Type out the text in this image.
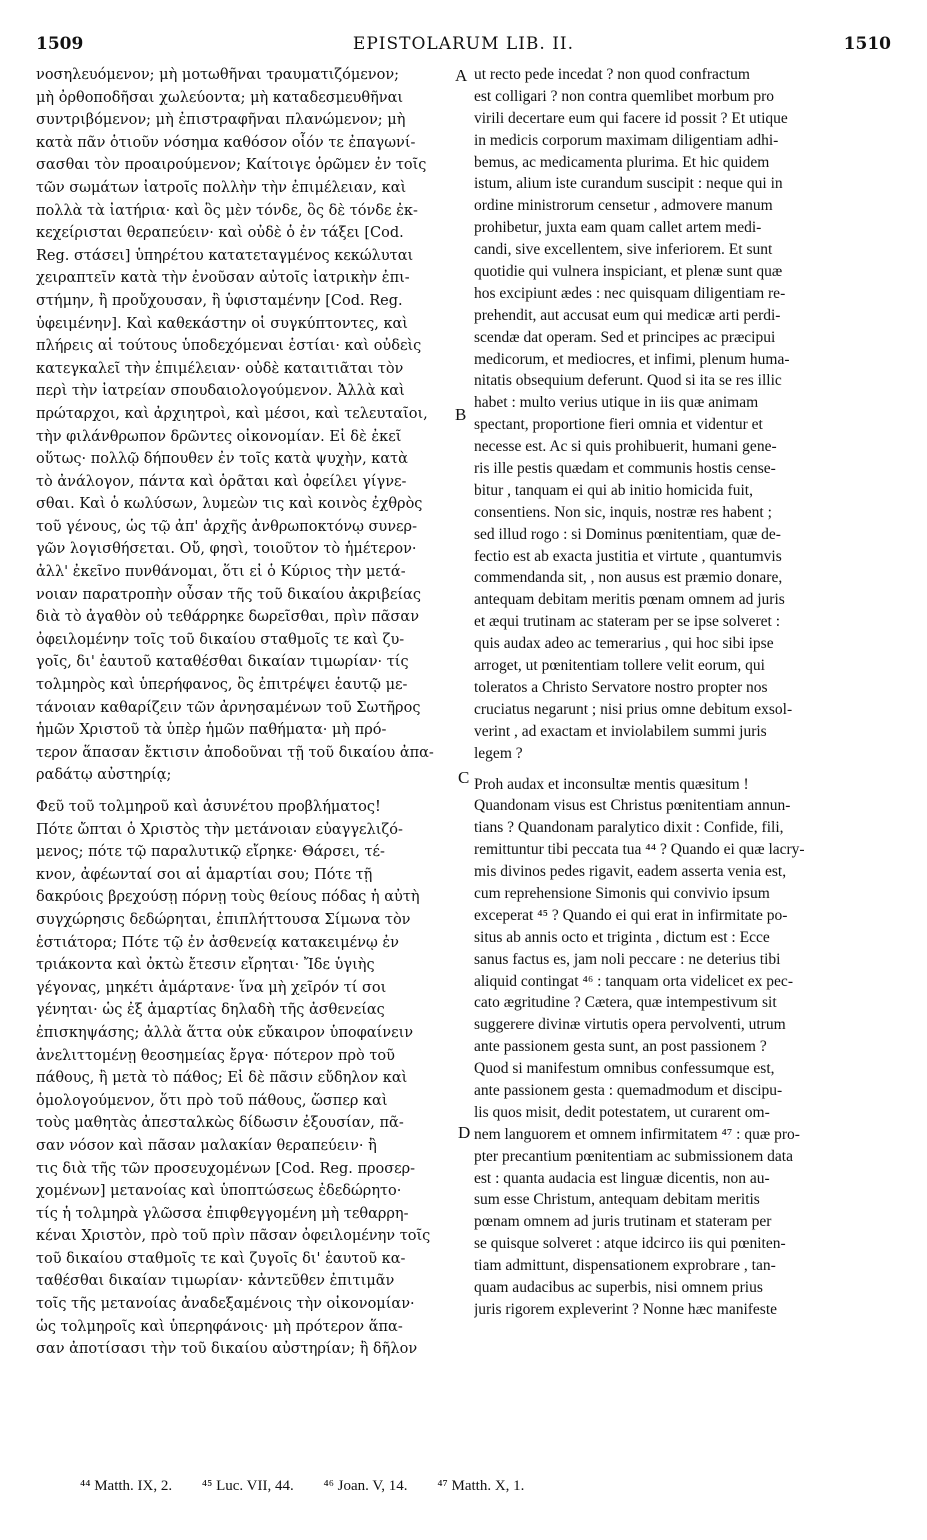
1509	EPISTOLARUM LIB. II.	1510
νοσηλευόμενον; μὴ μοτωθῆναι τραυματιζόμενον;
μὴ ὀρθοποδῆσαι χωλεύοντα; μὴ καταδεσμευθῆναι
συντριβόμενον; μὴ ἐπιστραφῆναι πλανώμενον; μὴ
κατὰ πᾶν ὁτιοῦν νόσημα καθόσον οἷόν τε ἐπαγωνί-
σασθαι τὸν προαιρούμενον; Καίτοιγε ὁρῶμεν ἐν τοῖς
τῶν σωμάτων ἰατροῖς πολλὴν τὴν ἐπιμέλειαν, καὶ
πολλὰ τὰ ἰατήρια· καὶ ὃς μὲν τόνδε, ὃς δὲ τόνδε ἐκ-
κεχείρισται θεραπεύειν· καὶ οὐδὲ ὁ ἐν τάξει [Cod.
Reg. στάσει] ὑπηρέτου κατατεταγμένος κεκώλυται
χειραπτεῖν κατὰ τὴν ἐνοῦσαν αὐτοῖς ἰατρικὴν ἐπι-
στήμην, ἢ προὔχουσαν, ἢ ὑφισταμένην [Cod. Reg.
ὑφειμένην]. Καὶ καθεκάστην οἱ συγκύπτοντες, καὶ
πλήρεις αἱ τούτους ὑποδεχόμεναι ἑστίαι· καὶ οὐδεὶς
κατεγκαλεῖ τὴν ἐπιμέλειαν· οὐδὲ καταιτιᾶται τὸν
περὶ τὴν ἰατρείαν σπουδαιολογούμενον. Ἀλλὰ καὶ
πρώταρχοι, καὶ ἀρχιητροὶ, καὶ μέσοι, καὶ τελευταῖοι,
τὴν φιλάνθρωπον δρῶντες οἰκονομίαν. Εἰ δὲ ἐκεῖ
οὕτως· πολλῷ δήπουθεν ἐν τοῖς κατὰ ψυχὴν, κατὰ
τὸ ἀνάλογον, πάντα καὶ ὁρᾶται καὶ ὀφείλει γίγνε-
σθαι. Καὶ ὁ κωλύσων, λυμεὼν τις καὶ κοινὸς ἐχθρὸς
τοῦ γένους, ὡς τῷ ἀπ' ἀρχῆς ἀνθρωποκτόνῳ συνερ-
γῶν λογισθήσεται. Οὔ, φησὶ, τοιοῦτον τὸ ἡμέτερον·
ἀλλ' ἐκεῖνο πυνθάνομαι, ὅτι εἰ ὁ Κύριος τὴν μετά-
νοιαν παρατροπὴν οὖσαν τῆς τοῦ δικαίου ἀκριβείας
διὰ τὸ ἀγαθὸν οὐ τεθάρρηκε δωρεῖσθαι, πρὶν πᾶσαν
ὀφειλομένην τοῖς τοῦ δικαίου σταθμοῖς τε καὶ ζυ-
γοῖς, δι' ἑαυτοῦ καταθέσθαι δικαίαν τιμωρίαν· τίς
τολμηρὸς καὶ ὑπερήφανος, ὃς ἐπιτρέψει ἑαυτῷ με-
τάνοιαν καθαρίζειν τῶν ἀρνησαμένων τοῦ Σωτῆρος
ἡμῶν Χριστοῦ τὰ ὑπὲρ ἡμῶν παθήματα· μὴ πρό-
τερον ἅπασαν ἔκτισιν ἀποδοῦναι τῇ τοῦ δικαίου ἀπα-
ραδάτῳ αὐστηρίᾳ;
Φεῦ τοῦ τολμηροῦ καὶ ἀσυνέτου προβλήματος!
Πότε ὤπται ὁ Χριστὸς τὴν μετάνοιαν εὐαγγελιζό-
μενος; πότε τῷ παραλυτικῷ εἴρηκε· Θάρσει, τέ-
κνον, ἀφέωνταί σοι αἱ ἁμαρτίαι σου; Πότε τῇ
δακρύοις βρεχούσῃ πόρνῃ τοὺς θείους πόδας ἡ αὐτὴ
συγχώρησις δεδώρηται, ἐπιπλήττουσα Σίμωνα τὸν
ἑστιάτορα; Πότε τῷ ἐν ἀσθενείᾳ κατακειμένῳ ἐν
τριάκοντα καὶ ὀκτὼ ἔτεσιν εἴρηται· Ἴδε ὑγιὴς
γέγονας, μηκέτι ἁμάρτανε· ἵνα μὴ χεῖρόν τί σοι
γένηται· ὡς ἐξ ἁμαρτίας δηλαδὴ τῆς ἀσθενείας
ἐπισκηψάσης; ἀλλὰ ἅττα οὐκ εὔκαιρον ὑποφαίνειν
ἀνελιττομένῃ θεοσημείας ἔργα· πότερον πρὸ τοῦ
πάθους, ἢ μετὰ τὸ πάθος; Εἰ δὲ πᾶσιν εὔδηλον καὶ
ὁμολογούμενον, ὅτι πρὸ τοῦ πάθους, ὥσπερ καὶ
τοὺς μαθητὰς ἀπεσταλκὼς δίδωσιν ἐξουσίαν, πᾶ-
σαν νόσον καὶ πᾶσαν μαλακίαν θεραπεύειν· ἢ
τις διὰ τῆς τῶν προσευχομένων [Cod. Reg. προσερ-
χομένων] μετανοίας καὶ ὑποπτώσεως ἐδεδώρητο·
τίς ἡ τολμηρὰ γλῶσσα ἐπιφθεγγομένη μὴ τεθαρρη-
κέναι Χριστὸν, πρὸ τοῦ πρὶν πᾶσαν ὀφειλομένην τοῖς
τοῦ δικαίου σταθμοῖς τε καὶ ζυγοῖς δι' ἑαυτοῦ κα-
ταθέσθαι δικαίαν τιμωρίαν· κἀντεῦθεν ἐπιτιμᾶν
τοῖς τῆς μετανοίας ἀναδεξαμένοις τὴν οἰκονομίαν·
ὡς τολμηροῖς καὶ ὑπερηφάνοις· μὴ πρότερον ἅπα-
σαν ἀποτίσασι τὴν τοῦ δικαίου αὐστηρίαν; ἢ δῆλον
ut recto pede incedat ? non quod confractum
est colligari ? non contra quemlibet morbum pro
virili decertare eum qui facere id possit ? Et utique
in medicis corporum maximam diligentiam adhi-
bemus, ac medicamenta plurima. Et hic quidem
istum, alium iste curandum suscipit : neque qui in
ordine ministrorum censetur , admovere manum
prohibetur, juxta eam quam callet artem medi-
candi, sive excellentem, sive inferiorem. Et sunt
quotidie qui vulnera inspiciant, et plenæ sunt quæ
hos excipiunt ædes : nec quisquam diligentiam re-
prehendit, aut accusat eum qui medicæ arti perdi-
scendæ dat operam. Sed et principes ac præcipui
medicorum, et mediocres, et infimi, plenum huma-
nitatis obsequium deferunt. Quod si ita se res illic
habet : multo verius utique in iis quæ animam
spectant, proportione fieri omnia et videntur et
necesse est. Ac si quis prohibuerit, humani gene-
ris ille pestis quædam et communis hostis cense-
bitur , tanquam ei qui ab initio homicida fuit,
consentiens. Non sic, inquis, nostræ res habent ;
sed illud rogo : si Dominus pœnitentiam, quæ de-
fectio est ab exacta justitia et virtute , quantumvis
commendanda sit, , non ausus est præmio donare,
antequam debitam meritis pœnam omnem ad juris
et æqui trutinam ac stateram per se ipse solveret :
quis audax adeo ac temerarius , qui hoc sibi ipse
arroget, ut pœnitentiam tollere velit eorum, qui
toleratos a Christo Servatore nostro propter nos
cruciatus negarunt ; nisi prius omne debitum exsol-
verint , ad exactam et inviolabilem summi juris
legem ?
Proh audax et inconsultæ mentis quæsitum !
Quandonam visus est Christus pœnitentiam annun-
tians ? Quandonam paralytico dixit : Confide, fili,
remittuntur tibi peccata tua ⁴⁴ ? Quando ei quæ lacry-
mis divinos pedes rigavit, eadem asserta venia est,
cum reprehensione Simonis qui convivio ipsum
exceperat ⁴⁵ ? Quando ei qui erat in infirmitate po-
situs ab annis octo et triginta , dictum est : Ecce
sanus factus es, jam noli peccare : ne deterius tibi
aliquid contingat ⁴⁶ : tanquam orta videlicet ex pec-
cato ægritudine ? Cætera, quæ intempestivum sit
suggerere divinæ virtutis opera pervolventi, utrum
ante passionem gesta sunt, an post passionem ?
Quod si manifestum omnibus confessumque est,
ante passionem gesta : quemadmodum et discipu-
lis quos misit, dedit potestatem, ut curarent om-
nem languorem et omnem infirmitatem ⁴⁷ : quæ pro-
pter precantium pœnitentiam ac submissionem data
est : quanta audacia est linguæ dicentis, non au-
sum esse Christum, antequam debitam meritis
pœnam omnem ad juris trutinam et stateram per
se quisque solveret : atque idcirco iis qui pœniten-
tiam admittunt, dispensationem exprobrare , tan-
quam audacibus ac superbis, nisi omnem prius
juris rigorem expleverint ? Nonne hæc manifeste
A
B
C
D
⁴⁴ Matth. IX, 2. ⁴⁵ Luc. VII, 44. ⁴⁶ Joan. V, 14. ⁴⁷ Matth. X, 1.
